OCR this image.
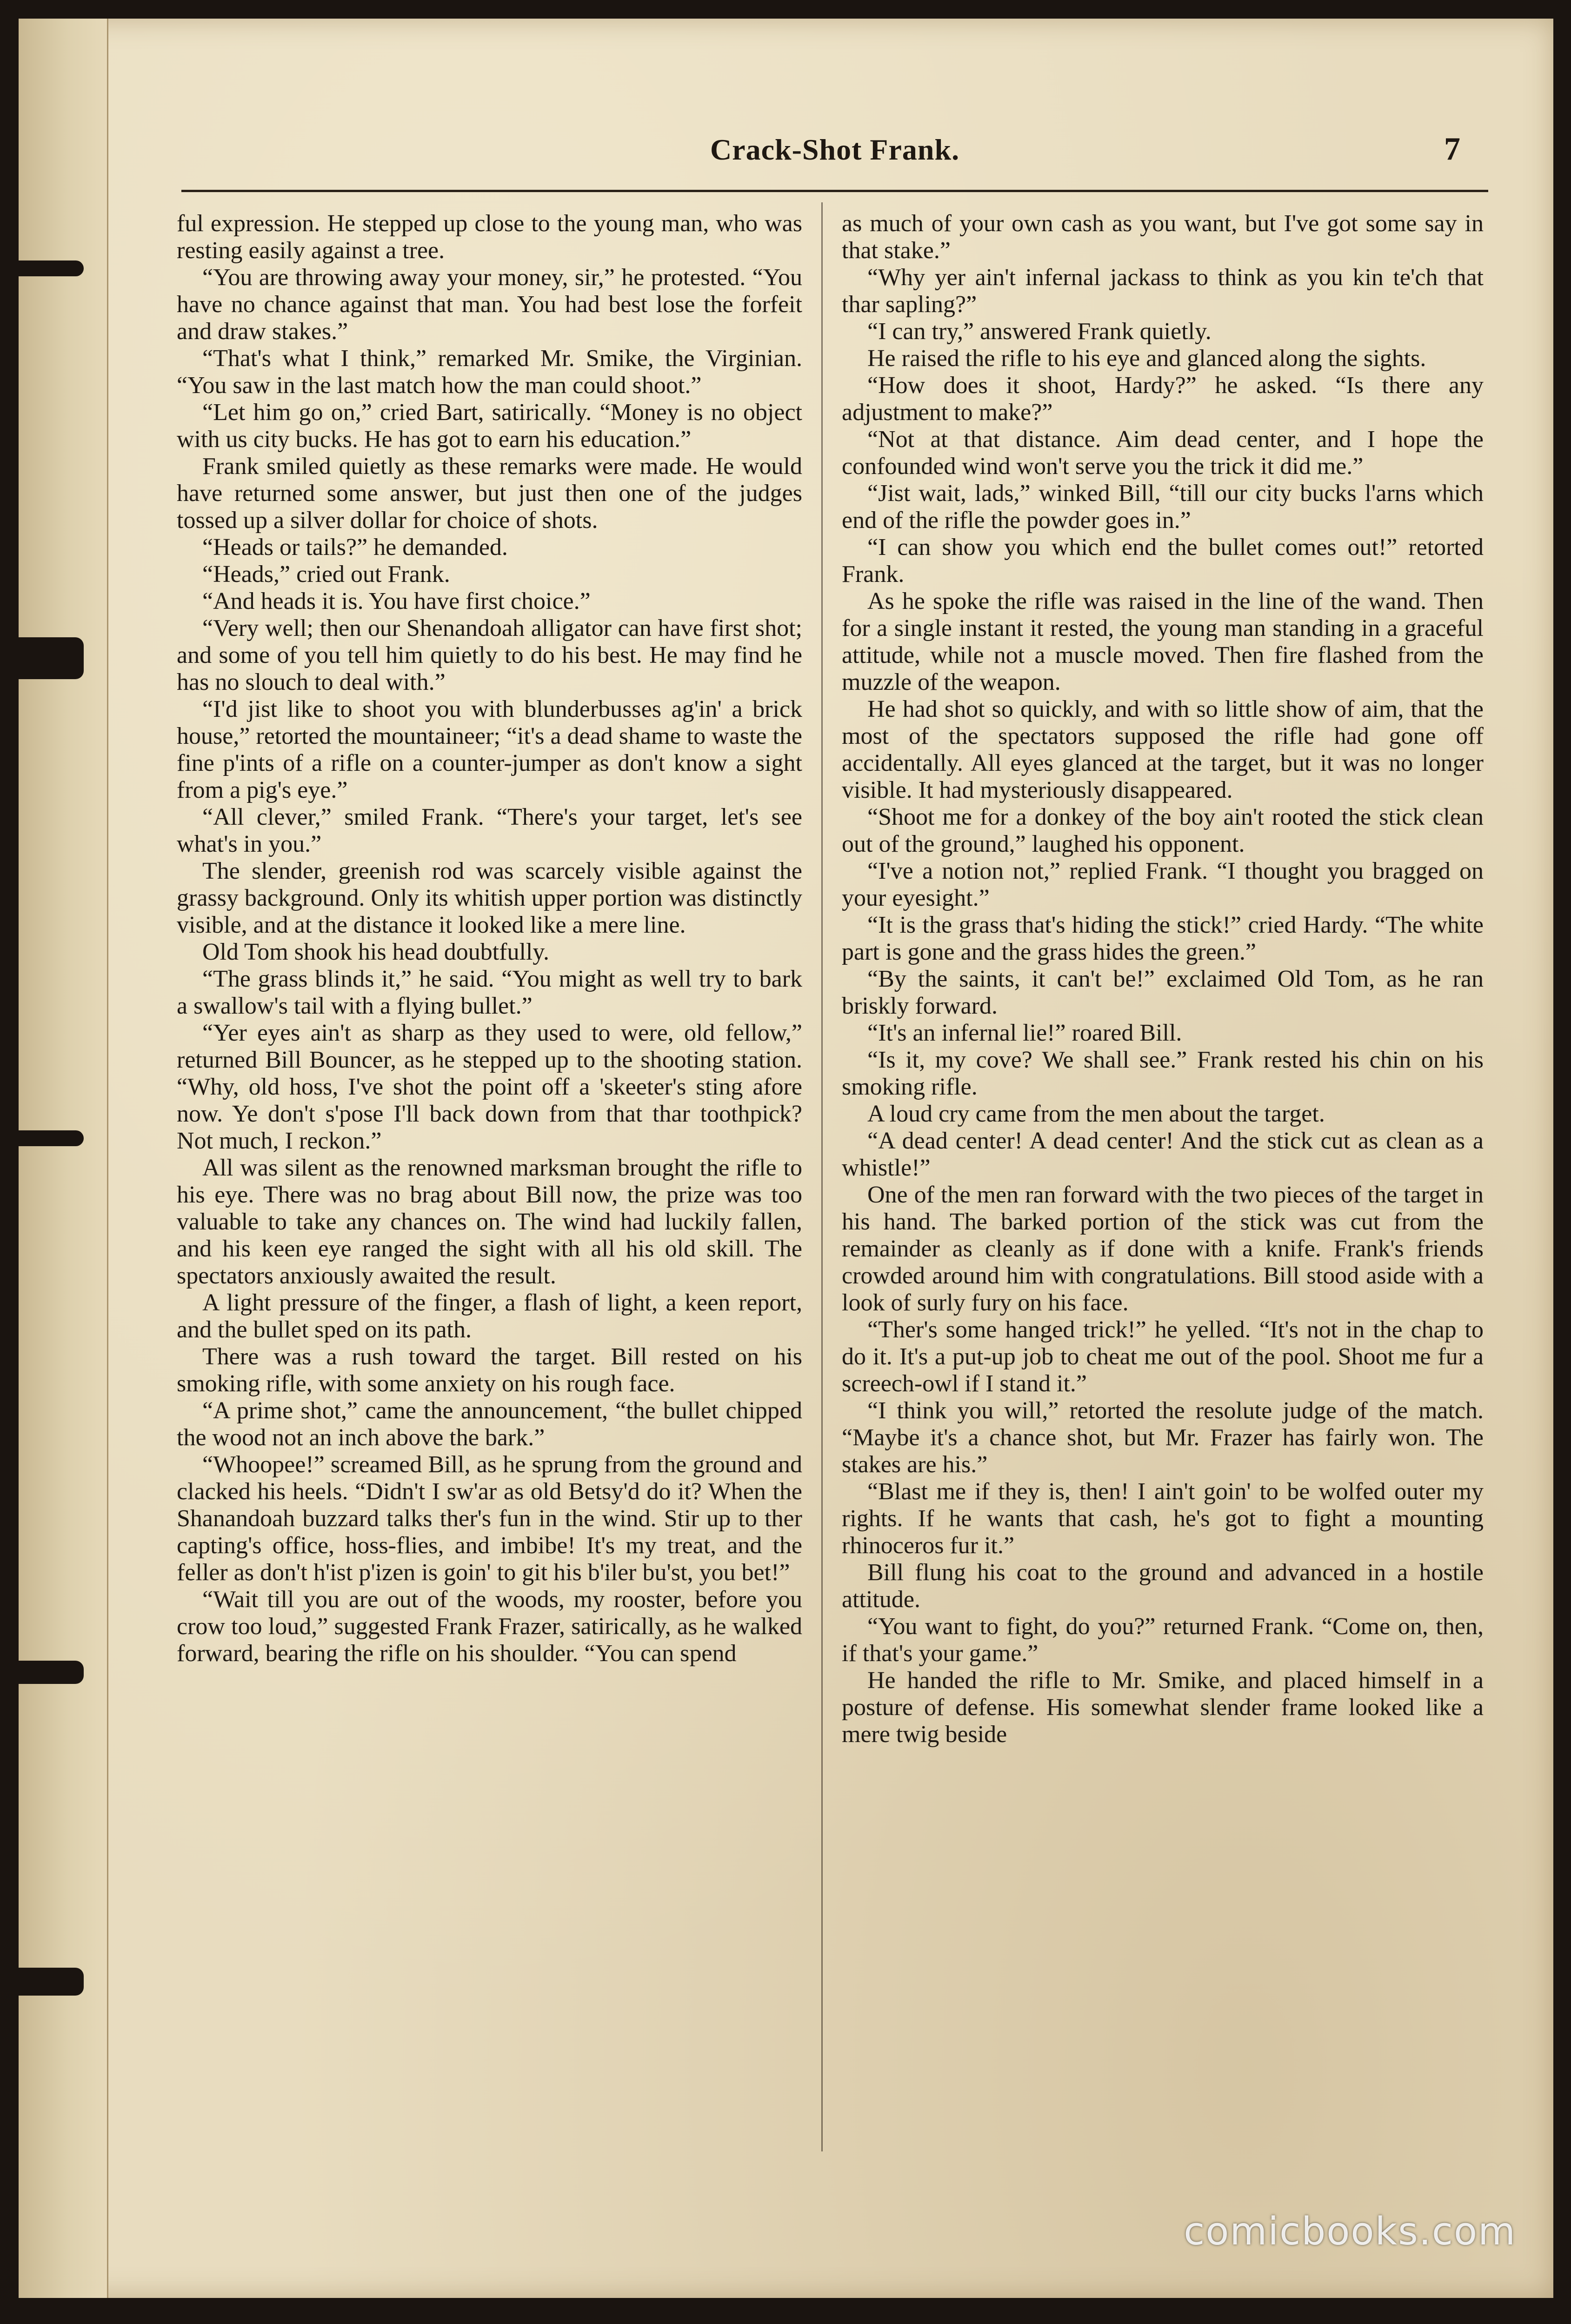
Crack-Shot Frank.	7

ful expression. He stepped up close to the young man, who was resting easily against a tree.

“You are throwing away your money, sir,” he protested. “You have no chance against that man. You had best lose the forfeit and draw stakes.”

“That's what I think,” remarked Mr. Smike, the Virginian. “You saw in the last match how the man could shoot.”

“Let him go on,” cried Bart, satirically. “Money is no object with us city bucks. He has got to earn his education.”

Frank smiled quietly as these remarks were made. He would have returned some answer, but just then one of the judges tossed up a silver dollar for choice of shots.

“Heads or tails?” he demanded.

“Heads,” cried out Frank.

“And heads it is. You have first choice.”

“Very well; then our Shenandoah alligator can have first shot; and some of you tell him quietly to do his best. He may find he has no slouch to deal with.”

“I'd jist like to shoot you with blunderbusses ag'in' a brick house,” retorted the mountaineer; “it's a dead shame to waste the fine p'ints of a rifle on a counter-jumper as don't know a sight from a pig's eye.”

“All clever,” smiled Frank. “There's your target, let's see what's in you.”

The slender, greenish rod was scarcely visible against the grassy background. Only its whitish upper portion was distinctly visible, and at the distance it looked like a mere line.

Old Tom shook his head doubtfully.

“The grass blinds it,” he said. “You might as well try to bark a swallow's tail with a flying bullet.”

“Yer eyes ain't as sharp as they used to were, old fellow,” returned Bill Bouncer, as he stepped up to the shooting station. “Why, old hoss, I've shot the point off a 'skeeter's sting afore now. Ye don't s'pose I'll back down from that thar toothpick? Not much, I reckon.”

All was silent as the renowned marksman brought the rifle to his eye. There was no brag about Bill now, the prize was too valuable to take any chances on. The wind had luckily fallen, and his keen eye ranged the sight with all his old skill. The spectators anxiously awaited the result.

A light pressure of the finger, a flash of light, a keen report, and the bullet sped on its path.

There was a rush toward the target. Bill rested on his smoking rifle, with some anxiety on his rough face.

“A prime shot,” came the announcement, “the bullet chipped the wood not an inch above the bark.”

“Whoopee!” screamed Bill, as he sprung from the ground and clacked his heels. “Didn't I sw'ar as old Betsy'd do it? When the Shanandoah buzzard talks ther's fun in the wind. Stir up to ther capting's office, hoss-flies, and imbibe! It's my treat, and the feller as don't h'ist p'izen is goin' to git his b'iler bu'st, you bet!”

“Wait till you are out of the woods, my rooster, before you crow too loud,” suggested Frank Frazer, satirically, as he walked forward, bearing the rifle on his shoulder. “You can spend

as much of your own cash as you want, but I've got some say in that stake.”

“Why yer ain't infernal jackass to think as you kin te'ch that thar sapling?”

“I can try,” answered Frank quietly.

He raised the rifle to his eye and glanced along the sights.

“How does it shoot, Hardy?” he asked. “Is there any adjustment to make?”

“Not at that distance. Aim dead center, and I hope the confounded wind won't serve you the trick it did me.”

“Jist wait, lads,” winked Bill, “till our city bucks l'arns which end of the rifle the powder goes in.”

“I can show you which end the bullet comes out!” retorted Frank.

As he spoke the rifle was raised in the line of the wand. Then for a single instant it rested, the young man standing in a graceful attitude, while not a muscle moved. Then fire flashed from the muzzle of the weapon.

He had shot so quickly, and with so little show of aim, that the most of the spectators supposed the rifle had gone off accidentally. All eyes glanced at the target, but it was no longer visible. It had mysteriously disappeared.

“Shoot me for a donkey of the boy ain't rooted the stick clean out of the ground,” laughed his opponent.

“I've a notion not,” replied Frank. “I thought you bragged on your eyesight.”

“It is the grass that's hiding the stick!” cried Hardy. “The white part is gone and the grass hides the green.”

“By the saints, it can't be!” exclaimed Old Tom, as he ran briskly forward.

“It's an infernal lie!” roared Bill.

“Is it, my cove? We shall see.” Frank rested his chin on his smoking rifle.

A loud cry came from the men about the target.

“A dead center! A dead center! And the stick cut as clean as a whistle!”

One of the men ran forward with the two pieces of the target in his hand. The barked portion of the stick was cut from the remainder as cleanly as if done with a knife. Frank's friends crowded around him with congratulations. Bill stood aside with a look of surly fury on his face.

“Ther's some hanged trick!” he yelled. “It's not in the chap to do it. It's a put-up job to cheat me out of the pool. Shoot me fur a screech-owl if I stand it.”

“I think you will,” retorted the resolute judge of the match. “Maybe it's a chance shot, but Mr. Frazer has fairly won. The stakes are his.”

“Blast me if they is, then! I ain't goin' to be wolfed outer my rights. If he wants that cash, he's got to fight a mounting rhinoceros fur it.”

Bill flung his coat to the ground and advanced in a hostile attitude.

“You want to fight, do you?” returned Frank. “Come on, then, if that's your game.”

He handed the rifle to Mr. Smike, and placed himself in a posture of defense. His somewhat slender frame looked like a mere twig beside

comicbooks.com
